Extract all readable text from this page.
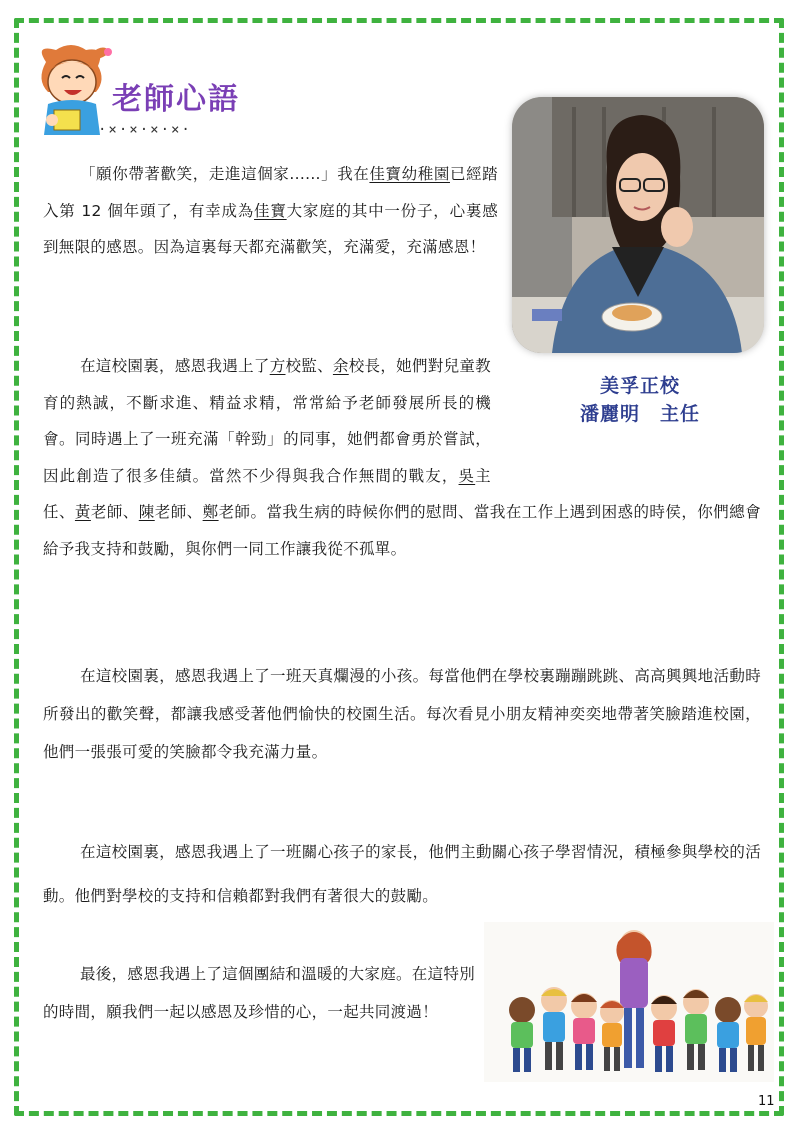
老師心語
·×·×·×·×·
美孚正校
潘麗明　主任

「願你帶著歡笑，走進這個家......」我在佳寶幼稚園已經踏入第 12 個年頭了，有幸成為佳寶大家庭的其中一份子，心裏感到無限的感恩。因為這裏每天都充滿歡笑，充滿愛，充滿感恩！

在這校園裏，感恩我遇上了方校監、余校長，她們對兒童教育的熱誠，不斷求進、精益求精，常常給予老師發展所長的機會。同時遇上了一班充滿「幹勁」的同事，她們都會勇於嘗試，因此創造了很多佳績。當然不少得與我合作無間的戰友，吳主任、黃老師、陳老師、鄭老師。當我生病的時候你們的慰問、當我在工作上遇到困惑的時侯，你們總會給予我支持和鼓勵，與你們一同工作讓我從不孤單。

在這校園裏，感恩我遇上了一班天真爛漫的小孩。每當他們在學校裏蹦蹦跳跳、高高興興地活動時所發出的歡笑聲，都讓我感受著他們愉快的校園生活。每次看見小朋友精神奕奕地帶著笑臉踏進校園，他們一張張可愛的笑臉都令我充滿力量。

在這校園裏，感恩我遇上了一班關心孩子的家長，他們主動關心孩子學習情況，積極參與學校的活動。他們對學校的支持和信賴都對我們有著很大的鼓勵。

最後，感恩我遇上了這個團結和溫暖的大家庭。在這特別的時間，願我們一起以感恩及珍惜的心，一起共同渡過！

11
